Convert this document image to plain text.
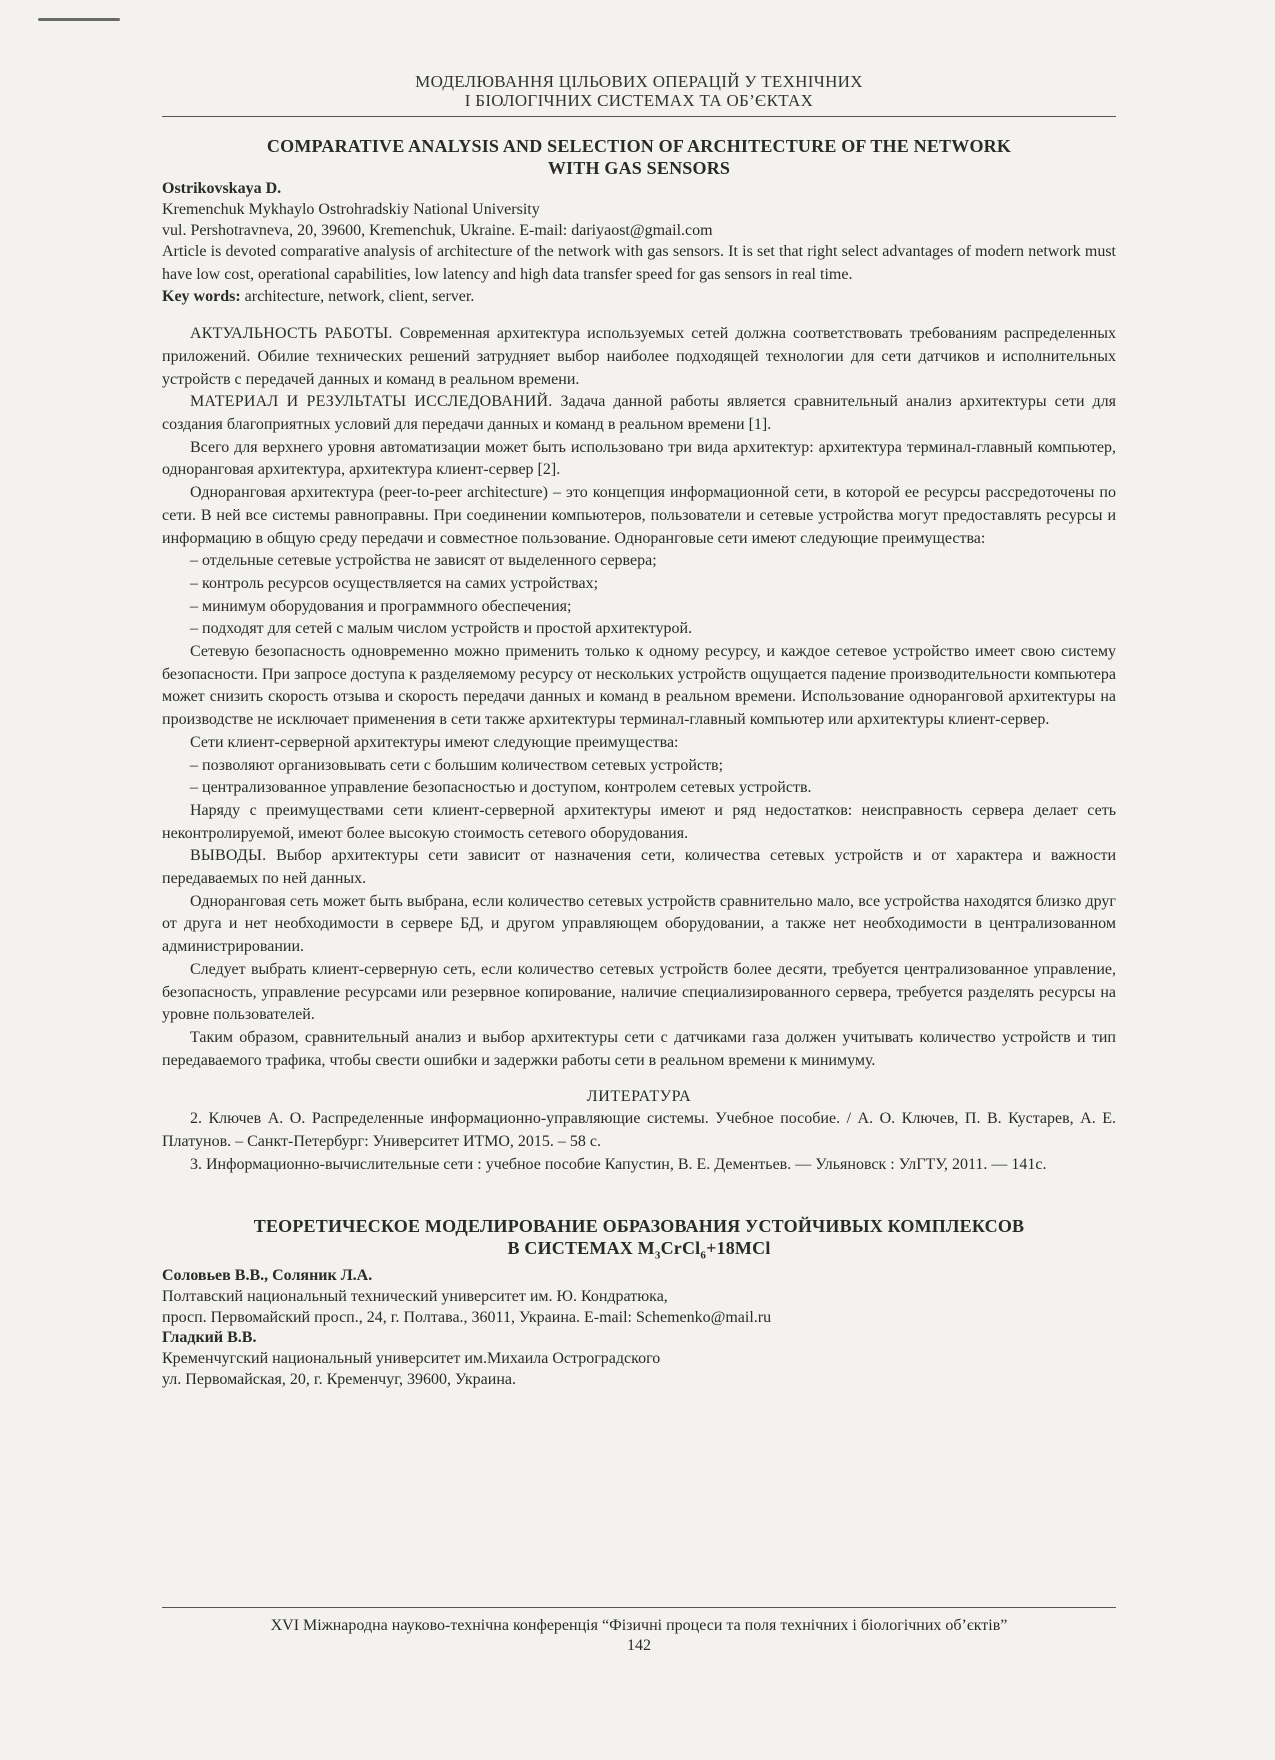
МОДЕЛЮВАННЯ ЦІЛЬОВИХ ОПЕРАЦІЙ У ТЕХНІЧНИХ
І БІОЛОГІЧНИХ СИСТЕМАХ ТА ОБ’ЄКТАХ
COMPARATIVE ANALYSIS AND SELECTION OF ARCHITECTURE OF THE NETWORK
WITH GAS SENSORS
Ostrikovskaya D.
Kremenchuk Mykhaylo Ostrohradskiy National University
vul. Pershotravneva, 20, 39600, Kremenchuk, Ukraine. E-mail: dariyaost@gmail.com
Article is devoted comparative analysis of architecture of the network with gas sensors. It is set that right select advantages of modern network must have low cost, operational capabilities, low latency and high data transfer speed for gas sensors in real time.
Key words: architecture, network, client, server.

АКТУАЛЬНОСТЬ РАБОТЫ. Современная архитектура используемых сетей должна соответствовать требованиям распределенных приложений. Обилие технических решений затрудняет выбор наиболее подходящей технологии для сети датчиков и исполнительных устройств с передачей данных и команд в реальном времени.

МАТЕРИАЛ И РЕЗУЛЬТАТЫ ИССЛЕДОВАНИЙ. Задача данной работы является сравнительный анализ архитектуры сети для создания благоприятных условий для передачи данных и команд в реальном времени [1].

Всего для верхнего уровня автоматизации может быть использовано три вида архитектур: архитектура терминал-главный компьютер, одноранговая архитектура, архитектура клиент-сервер [2].

Одноранговая архитектура (peer-to-peer architecture) – это концепция информационной сети, в которой ее ресурсы рассредоточены по сети. В ней все системы равноправны. При соединении компьютеров, пользователи и сетевые устройства могут предоставлять ресурсы и информацию в общую среду передачи и совместное пользование. Одноранговые сети имеют следующие преимущества:

– отдельные сетевые устройства не зависят от выделенного сервера;

– контроль ресурсов осуществляется на самих устройствах;

– минимум оборудования и программного обеспечения;

– подходят для сетей с малым числом устройств и простой архитектурой.

Сетевую безопасность одновременно можно применить только к одному ресурсу, и каждое сетевое устройство имеет свою систему безопасности. При запросе доступа к разделяемому ресурсу от нескольких устройств ощущается падение производительности компьютера может снизить скорость отзыва и скорость передачи данных и команд в реальном времени. Использование одноранговой архитектуры на производстве не исключает применения в сети также архитектуры терминал-главный компьютер или архитектуры клиент-сервер.

Сети клиент-серверной архитектуры имеют следующие преимущества:

– позволяют организовывать сети с большим количеством сетевых устройств;

– централизованное управление безопасностью и доступом, контролем сетевых устройств.

Наряду с преимуществами сети клиент-серверной архитектуры имеют и ряд недостатков: неисправность сервера делает сеть неконтролируемой, имеют более высокую стоимость сетевого оборудования.

ВЫВОДЫ. Выбор архитектуры сети зависит от назначения сети, количества сетевых устройств и от характера и важности передаваемых по ней данных.

Одноранговая сеть может быть выбрана, если количество сетевых устройств сравнительно мало, все устройства находятся близко друг от друга и нет необходимости в сервере БД, и другом управляющем оборудовании, а также нет необходимости в централизованном администрировании.

Следует выбрать клиент-серверную сеть, если количество сетевых устройств более десяти, требуется централизованное управление, безопасность, управление ресурсами или резервное копирование, наличие специализированного сервера, требуется разделять ресурсы на уровне пользователей.

Таким образом, сравнительный анализ и выбор архитектуры сети с датчиками газа должен учитывать количество устройств и тип передаваемого трафика, чтобы свести ошибки и задержки работы сети в реальном времени к минимуму.

ЛИТЕРАТУРА

2. Ключев А. О. Распределенные информационно-управляющие системы. Учебное пособие. / А. О. Ключев, П. В. Кустарев, А. Е. Платунов. – Санкт-Петербург: Университет ИТМО, 2015. – 58 с.

3. Информационно-вычислительные сети : учебное пособие Капустин, В. Е. Дементьев. — Ульяновск : УлГТУ, 2011. — 141с.

ТЕОРЕТИЧЕСКОЕ МОДЕЛИРОВАНИЕ ОБРАЗОВАНИЯ УСТОЙЧИВЫХ КОМПЛЕКСОВ
В СИСТЕМАХ $M_3CrCl_6+18MCl$
Соловьев В.В., Соляник Л.А.
Полтавский национальный технический университет им. Ю. Кондратюка,
просп. Первомайский просп., 24, г. Полтава., 36011, Украина. E-mail: Schemenko@mail.ru
Гладкий В.В.
Кременчугский национальный университет им.Михаила Остроградского
ул. Первомайская, 20, г. Кременчуг, 39600, Украина.
XVI Міжнародна науково-технічна конференція “Фізичні процеси та поля технічних і біологічних об’єктів”
142
